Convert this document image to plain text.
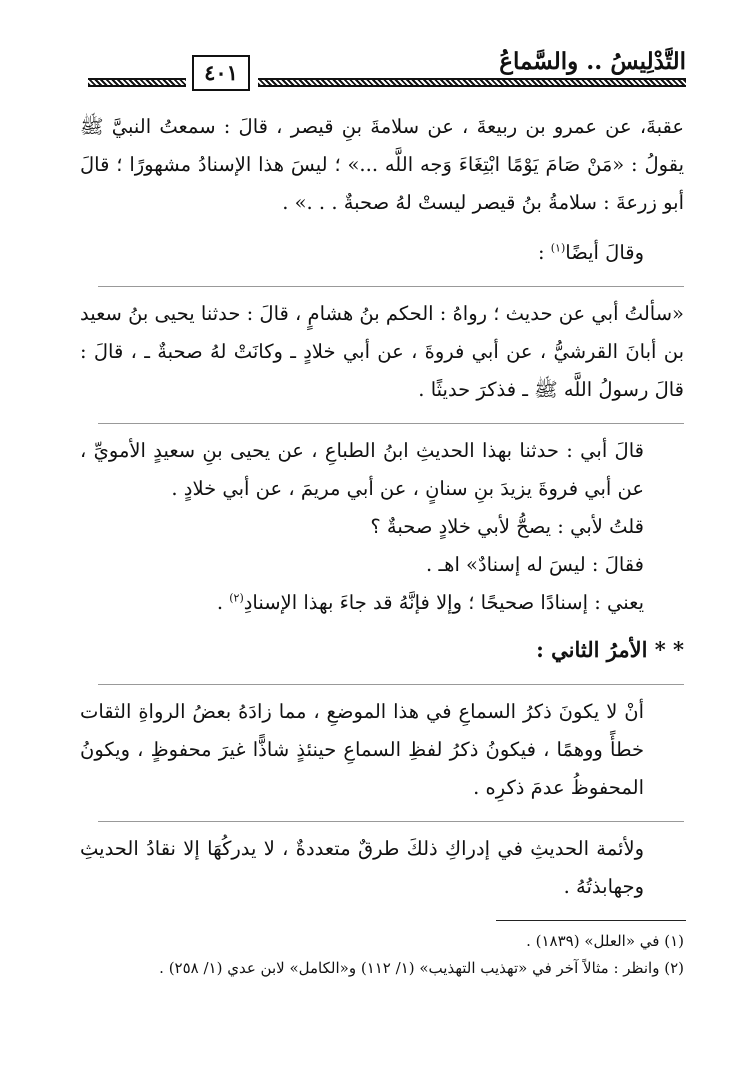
التَّدْلِيسُ .. والسَّماعُ
٤٠١

عقبةَ، عن عمرو بن ربيعةَ ، عن سلامةَ بنِ قيصر ، قالَ : سمعتُ النبيَّ ﷺ يقولُ : «مَنْ صَامَ يَوْمًا ابْتِغَاءَ وَجه اللَّه ...» ؛ ليسَ هذا الإسنادُ مشهورًا ؛ قالَ أبو زرعةَ : سلامةُ بنُ قيصر ليستْ لهُ صحبةٌ . . .» .

وقالَ أيضًا$^{(١)}$ :

«سألتُ أبي عن حديث ؛ رواهُ : الحكم بنُ هشامٍ ، قالَ : حدثنا يحيى بنُ سعيد بن أبانَ القرشيُّ ، عن أبي فروةَ ، عن أبي خلادٍ ـ وكانَتْ لهُ صحبةٌ ـ ، قالَ : قالَ رسولُ اللَّه ﷺ ـ فذكرَ حديثًا .

قالَ أبي : حدثنا بهذا الحديثِ ابنُ الطباعِ ، عن يحيى بنِ سعيدٍ الأمويِّ ، عن أبي فروةَ يزيدَ بنِ سنانٍ ، عن أبي مريمَ ، عن أبي خلادٍ .

قلتُ لأبي : يصحُّ لأبي خلادٍ صحبةٌ ؟

فقالَ : ليسَ له إسنادٌ» اهـ .

يعني : إسنادًا صحيحًا ؛ وإلا فإنَّهُ قد جاءَ بهذا الإسنادِ$^{(٢)}$ .

* * الأمرُ الثاني :

أنْ لا يكونَ ذكرُ السماعِ في هذا الموضعِ ، مما زادَهُ بعضُ الرواةِ الثقات خطأً ووهمًا ، فيكونُ ذكرُ لفظِ السماعِ حينئذٍ شاذًّا غيرَ محفوظٍ ، ويكونُ المحفوظُ عدمَ ذكرِه .

ولأئمة الحديثِ في إدراكِ ذلكَ طرقٌ متعددةٌ ، لا يدركُهَا إلا نقادُ الحديثِ وجهابذتُهُ .

(١) في «العلل» (١٨٣٩) .

(٢) وانظر : مثالاً آخر في «تهذيب التهذيب» (١/ ١١٢) و«الكامل» لابن عدي (١/ ٢٥٨) .
